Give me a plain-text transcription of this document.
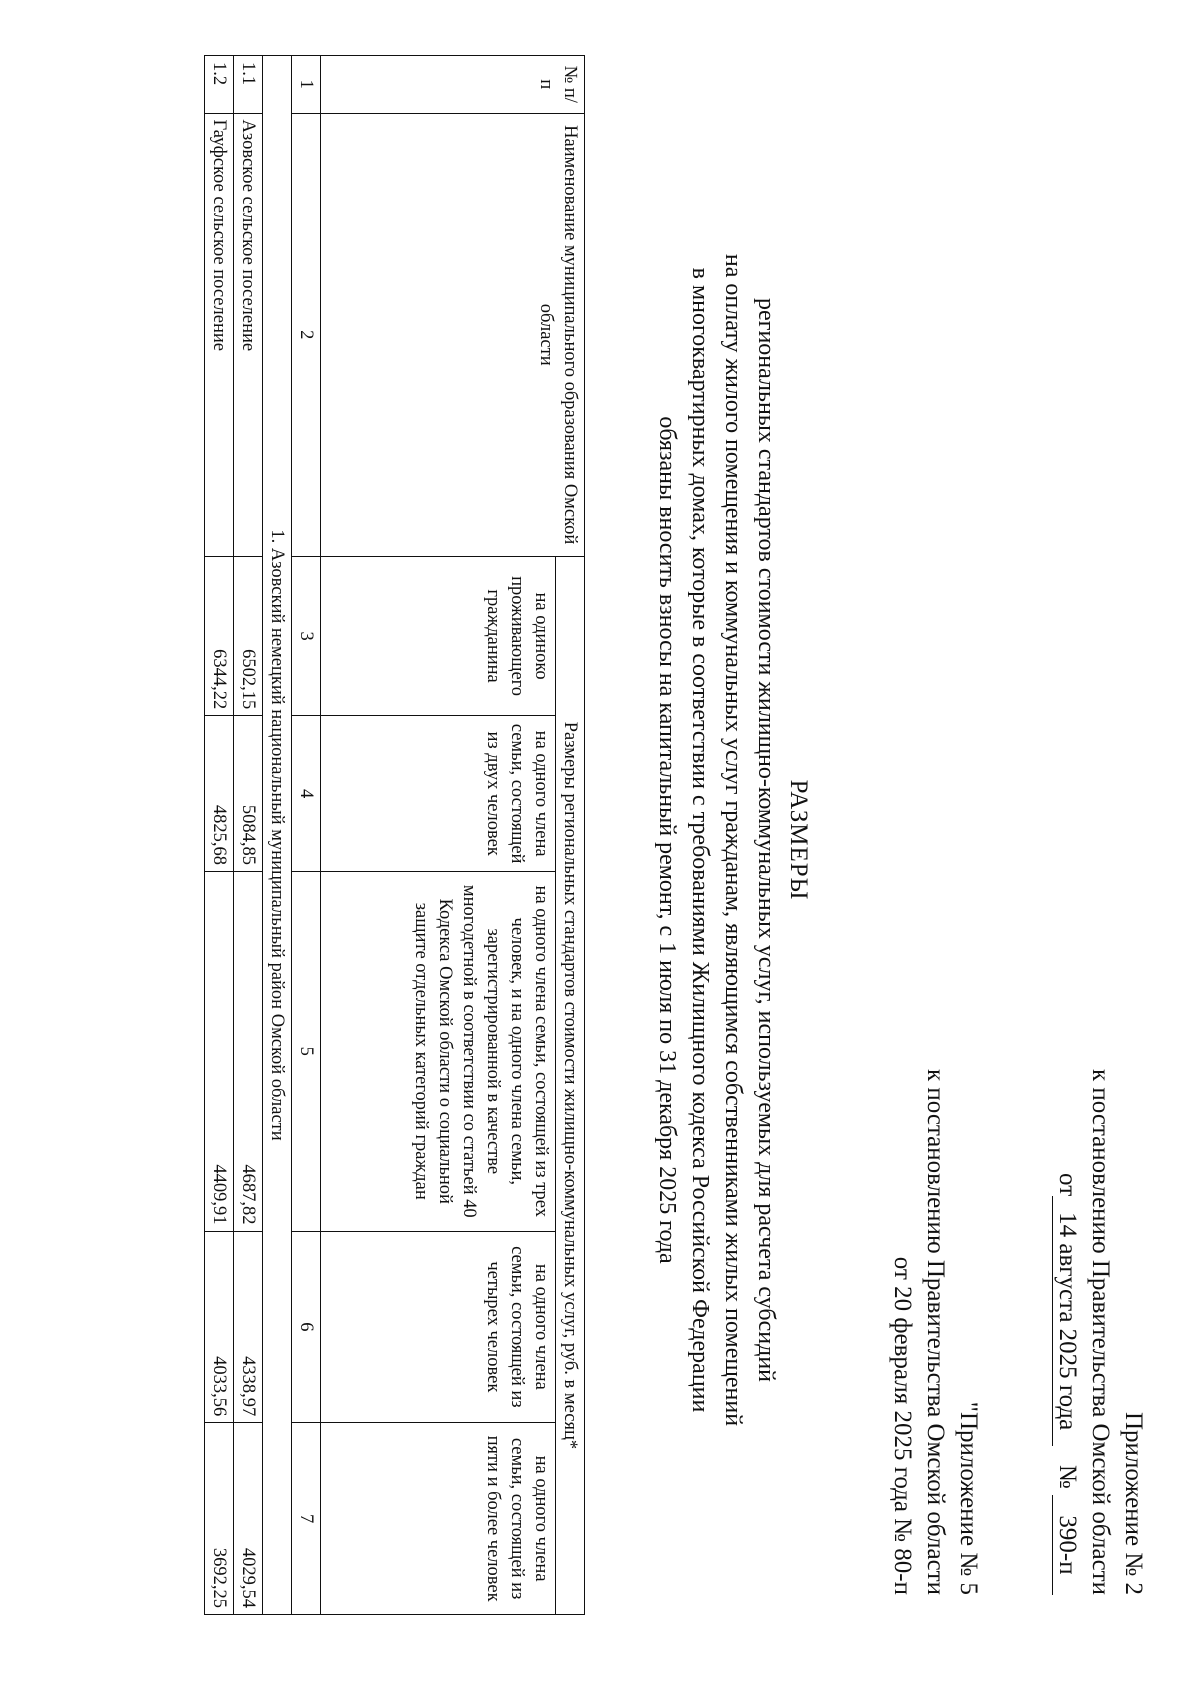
Приложение № 2
к постановлению Правительства Омской области
от14 августа 2025 года   № 390-п
"Приложение № 5
к постановлению Правительства Омской области
от 20 февраля 2025 года № 80-п
РАЗМЕРЫ
региональных стандартов стоимости жилищно-коммунальных услуг, используемых для расчета субсидий
на оплату жилого помещения и коммунальных услуг гражданам, являющимся собственниками жилых помещений
в многоквартирных домах, которые в соответствии с требованиями Жилищного кодекса Российской Федерации
обязаны вносить взносы на капитальный ремонт, с 1 июля по 31 декабря 2025 года
№ п/п	Наименование муниципального образования Омской области	Размеры региональных стандартов стоимости жилищно-коммунальных услуг, руб. в месяц*				
		на одиноко проживающего гражданина	на одного члена семьи, состоящей из двух человек	на одного члена семьи, состоящей из трех человек, и на одного члена семьи, зарегистрированной в качестве многодетной в соответствии со статьей 40 Кодекса Омской области о социальной защите отдельных категорий граждан	на одного члена семьи, состоящей из четырех человек	на одного члена семьи, состоящей из пяти и более человек
1	2	3	4	5	6	7
1. Азовский немецкий национальный муниципальный район Омской области						
1.1	Азовское сельское поселение	6502,15	5084,85	4687,82	4338,97	4029,54
1.2	Гауфское сельское поселение	6344,22	4825,68	4409,91	4033,56	3692,25
